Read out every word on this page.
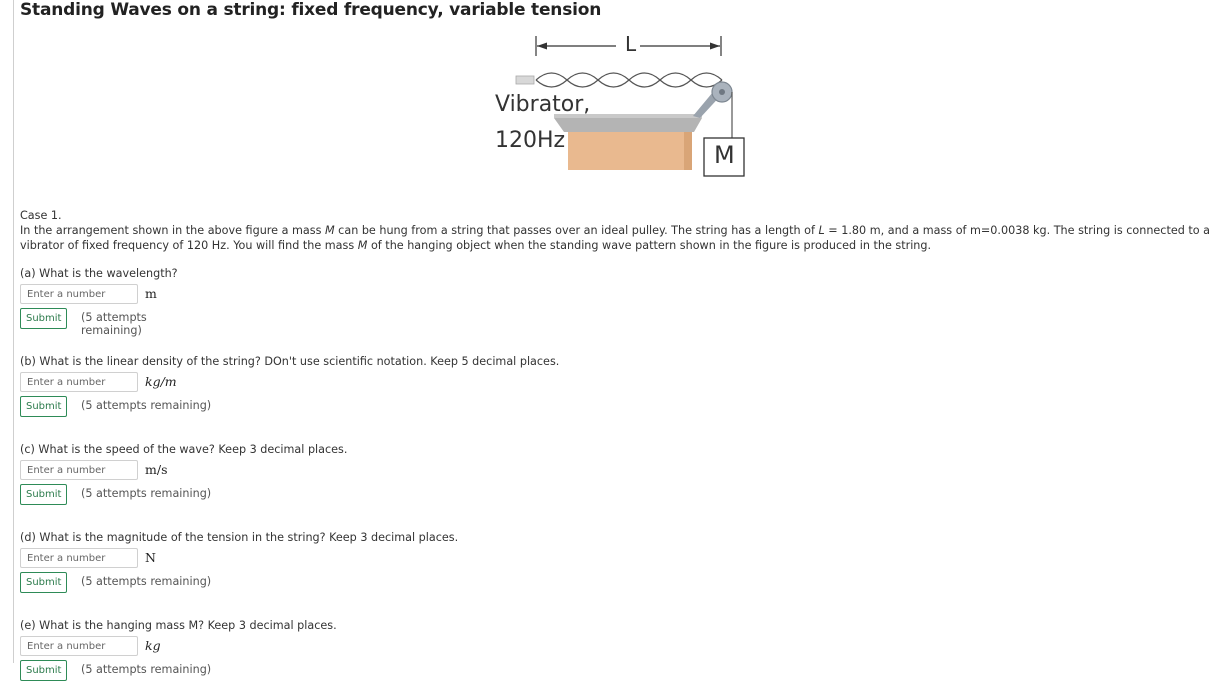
Standing Waves on a string: fixed frequency, variable tension
L
Vibrator,
120Hz
M

Case 1.

In the arrangement shown in the above figure a mass M can be hung from a string that passes over an ideal pulley. The string has a length of L = 1.80 m, and a mass of m=0.0038 kg. The string is connected to a vibrator of fixed frequency of 120 Hz. You will find the mass M of the hanging object when the standing wave pattern shown in the figure is produced in the string.

(a) What is the wavelength?
Enter a number
m
Submit	(5 attempts remaining)
(b) What is the linear density of the string? DOn't use scientific notation. Keep 5 decimal places.
Enter a number
kg/m
Submit	(5 attempts remaining)
(c) What is the speed of the wave? Keep 3 decimal places.
Enter a number
m/s
Submit	(5 attempts remaining)
(d) What is the magnitude of the tension in the string? Keep 3 decimal places.
Enter a number
N
Submit	(5 attempts remaining)
(e) What is the hanging mass M? Keep 3 decimal places.
Enter a number
kg
Submit	(5 attempts remaining)
